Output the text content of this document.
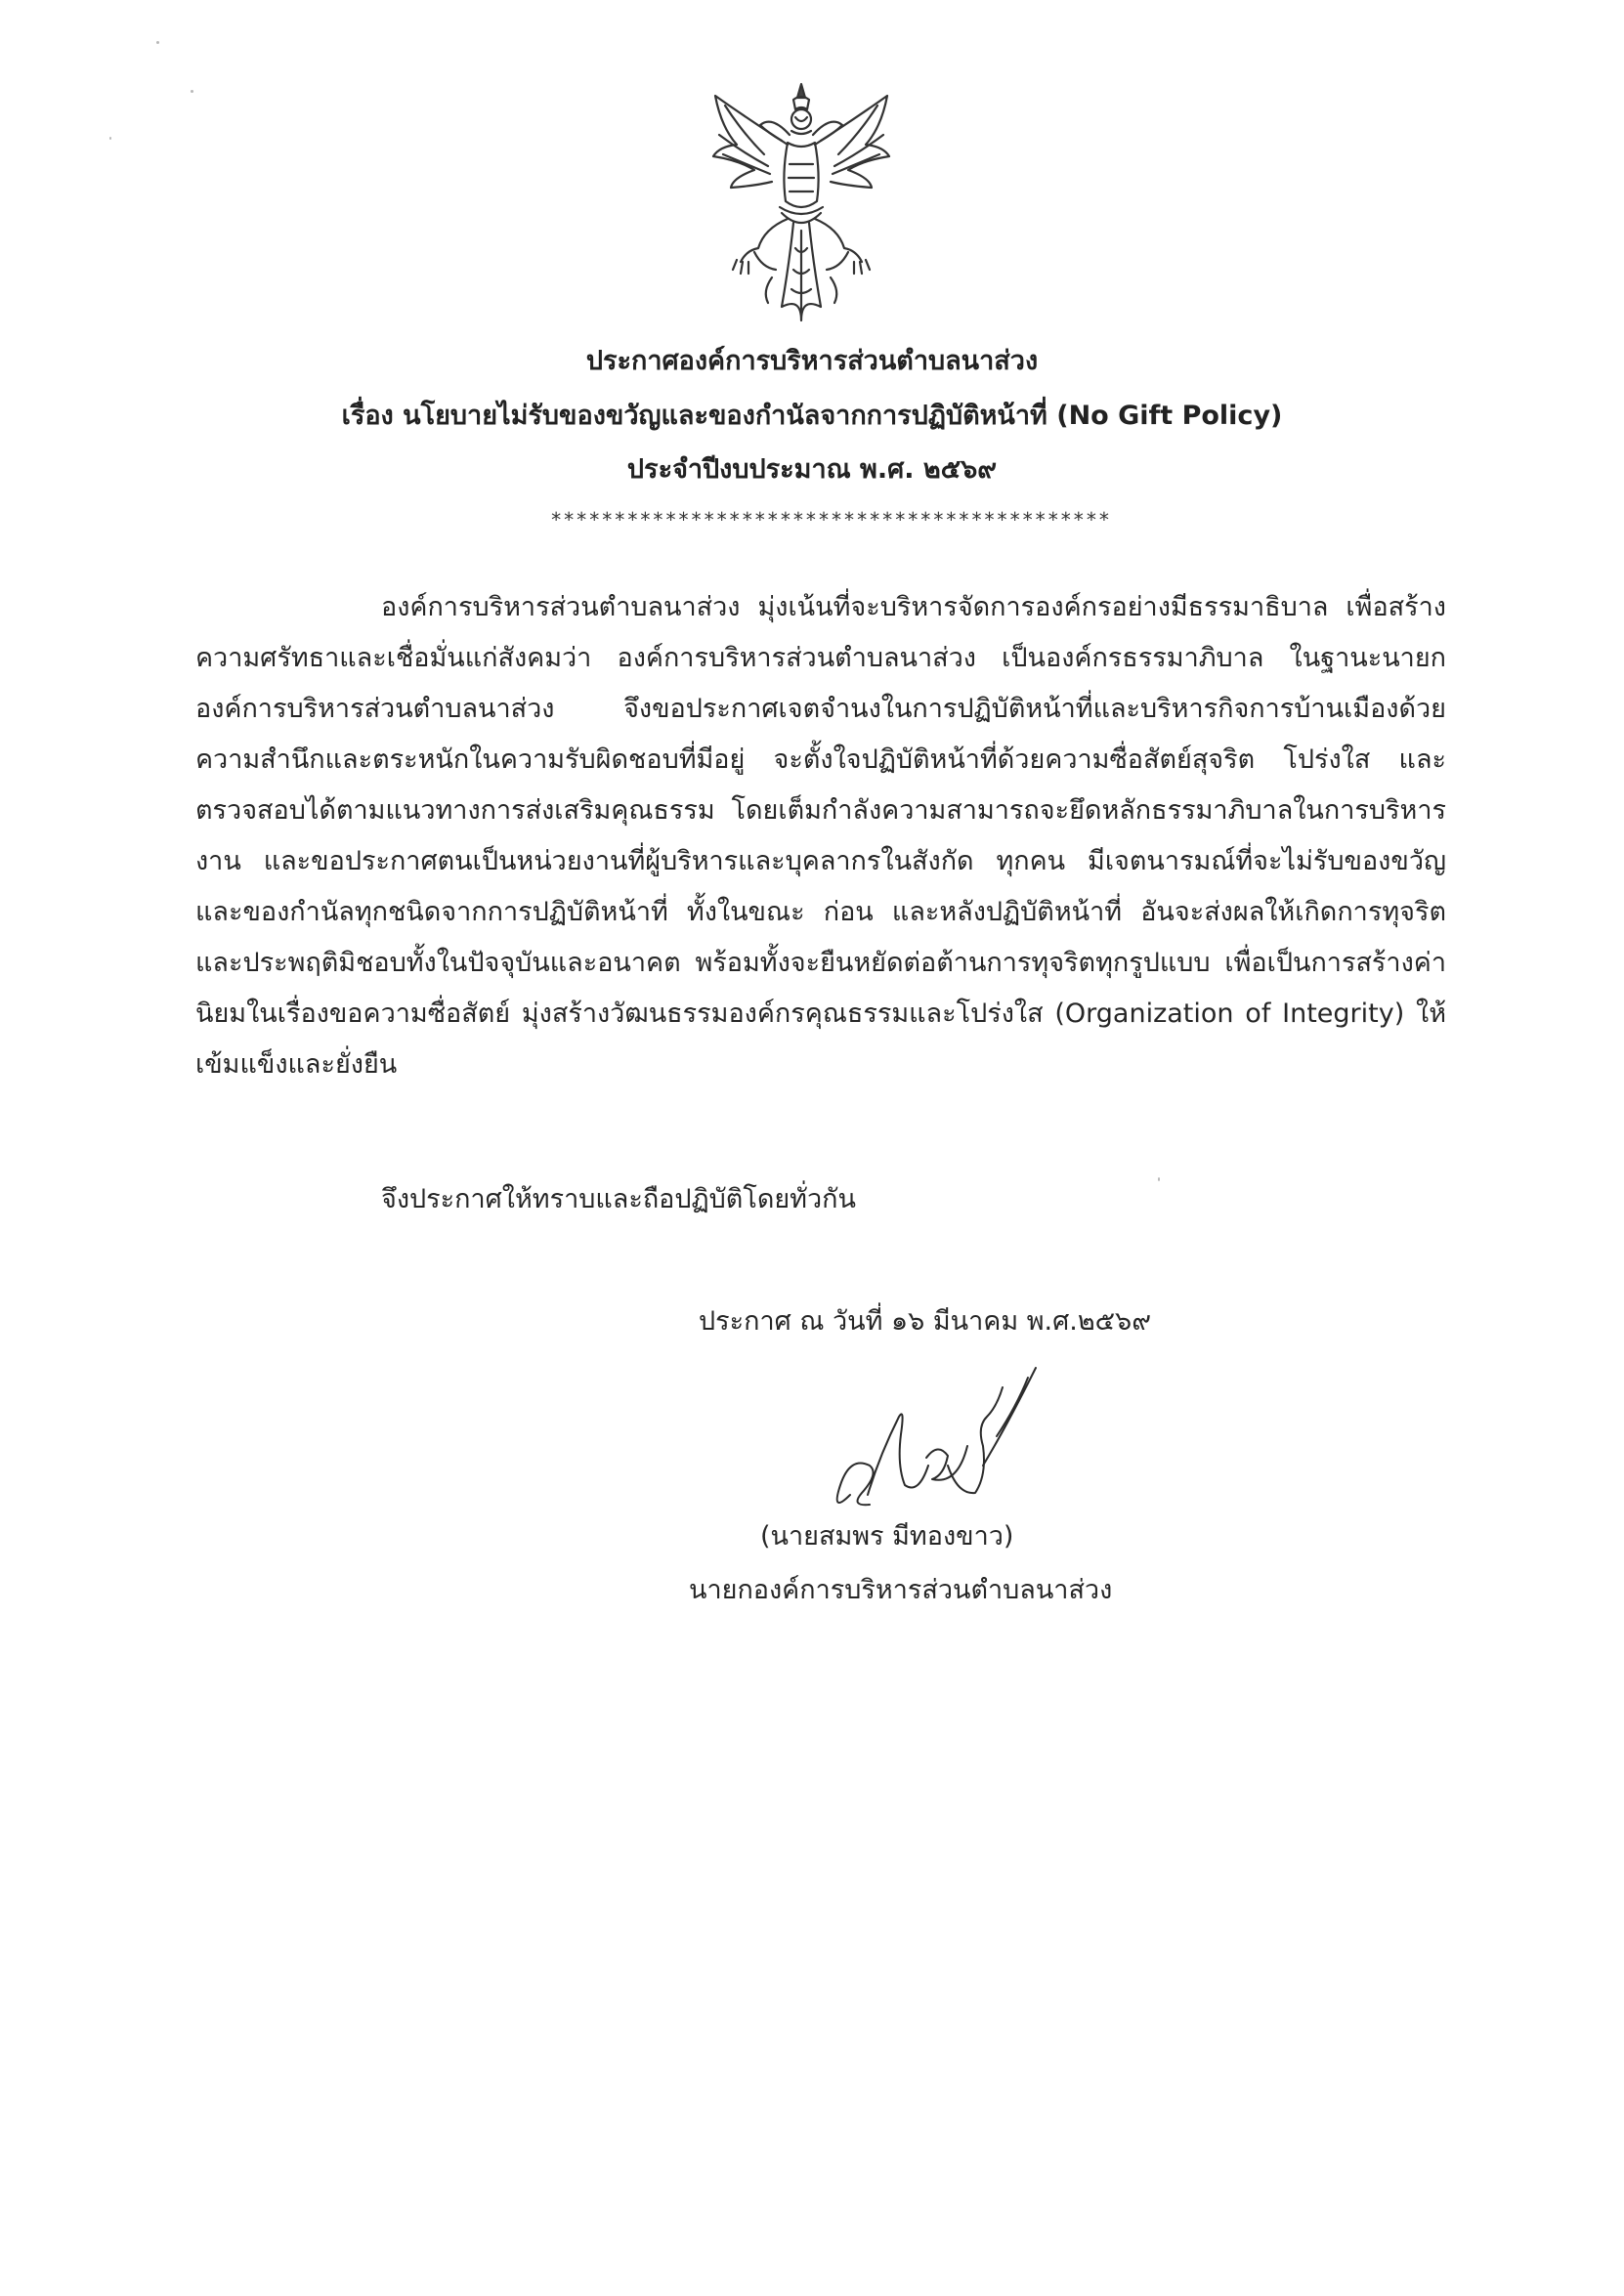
ประกาศองค์การบริหารส่วนตำบลนาส่วง
เรื่อง นโยบายไม่รับของขวัญและของกำนัลจากการปฏิบัติหน้าที่ (No Gift Policy)
ประจำปีงบประมาณ พ.ศ. ๒๕๖๙
********************************************

องค์การบริหารส่วนตำบลนาส่วง มุ่งเน้นที่จะบริหารจัดการองค์กรอย่างมีธรรมาธิบาล เพื่อสร้างความศรัทธาและเชื่อมั่นแก่สังคมว่า องค์การบริหารส่วนตำบลนาส่วง เป็นองค์กรธรรมาภิบาล ในฐานะนายกองค์การบริหารส่วนตำบลนาส่วง จึงขอประกาศเจตจำนงในการปฏิบัติหน้าที่และบริหารกิจการบ้านเมืองด้วยความสำนึกและตระหนักในความรับผิดชอบที่มีอยู่ จะตั้งใจปฏิบัติหน้าที่ด้วยความซื่อสัตย์สุจริต โปร่งใส และตรวจสอบได้ตามแนวทางการส่งเสริมคุณธรรม โดยเต็มกำลังความสามารถจะยึดหลักธรรมาภิบาลในการบริหารงาน และขอประกาศตนเป็นหน่วยงานที่ผู้บริหารและบุคลากรในสังกัด ทุกคน มีเจตนารมณ์ที่จะไม่รับของขวัญและของกำนัลทุกชนิดจากการปฏิบัติหน้าที่ ทั้งในขณะ ก่อน และหลังปฏิบัติหน้าที่ อันจะส่งผลให้เกิดการทุจริตและประพฤติมิชอบทั้งในปัจจุบันและอนาคต พร้อมทั้งจะยืนหยัดต่อต้านการทุจริตทุกรูปแบบ เพื่อเป็นการสร้างค่านิยมในเรื่องขอความซื่อสัตย์ มุ่งสร้างวัฒนธรรมองค์กรคุณธรรมและโปร่งใส (Organization of Integrity) ให้เข้มแข็งและยั่งยืน

จึงประกาศให้ทราบและถือปฏิบัติโดยทั่วกัน

ประกาศ ณ วันที่ ๑๖ มีนาคม พ.ศ.๒๕๖๙

(นายสมพร มีทองขาว)

นายกองค์การบริหารส่วนตำบลนาส่วง
